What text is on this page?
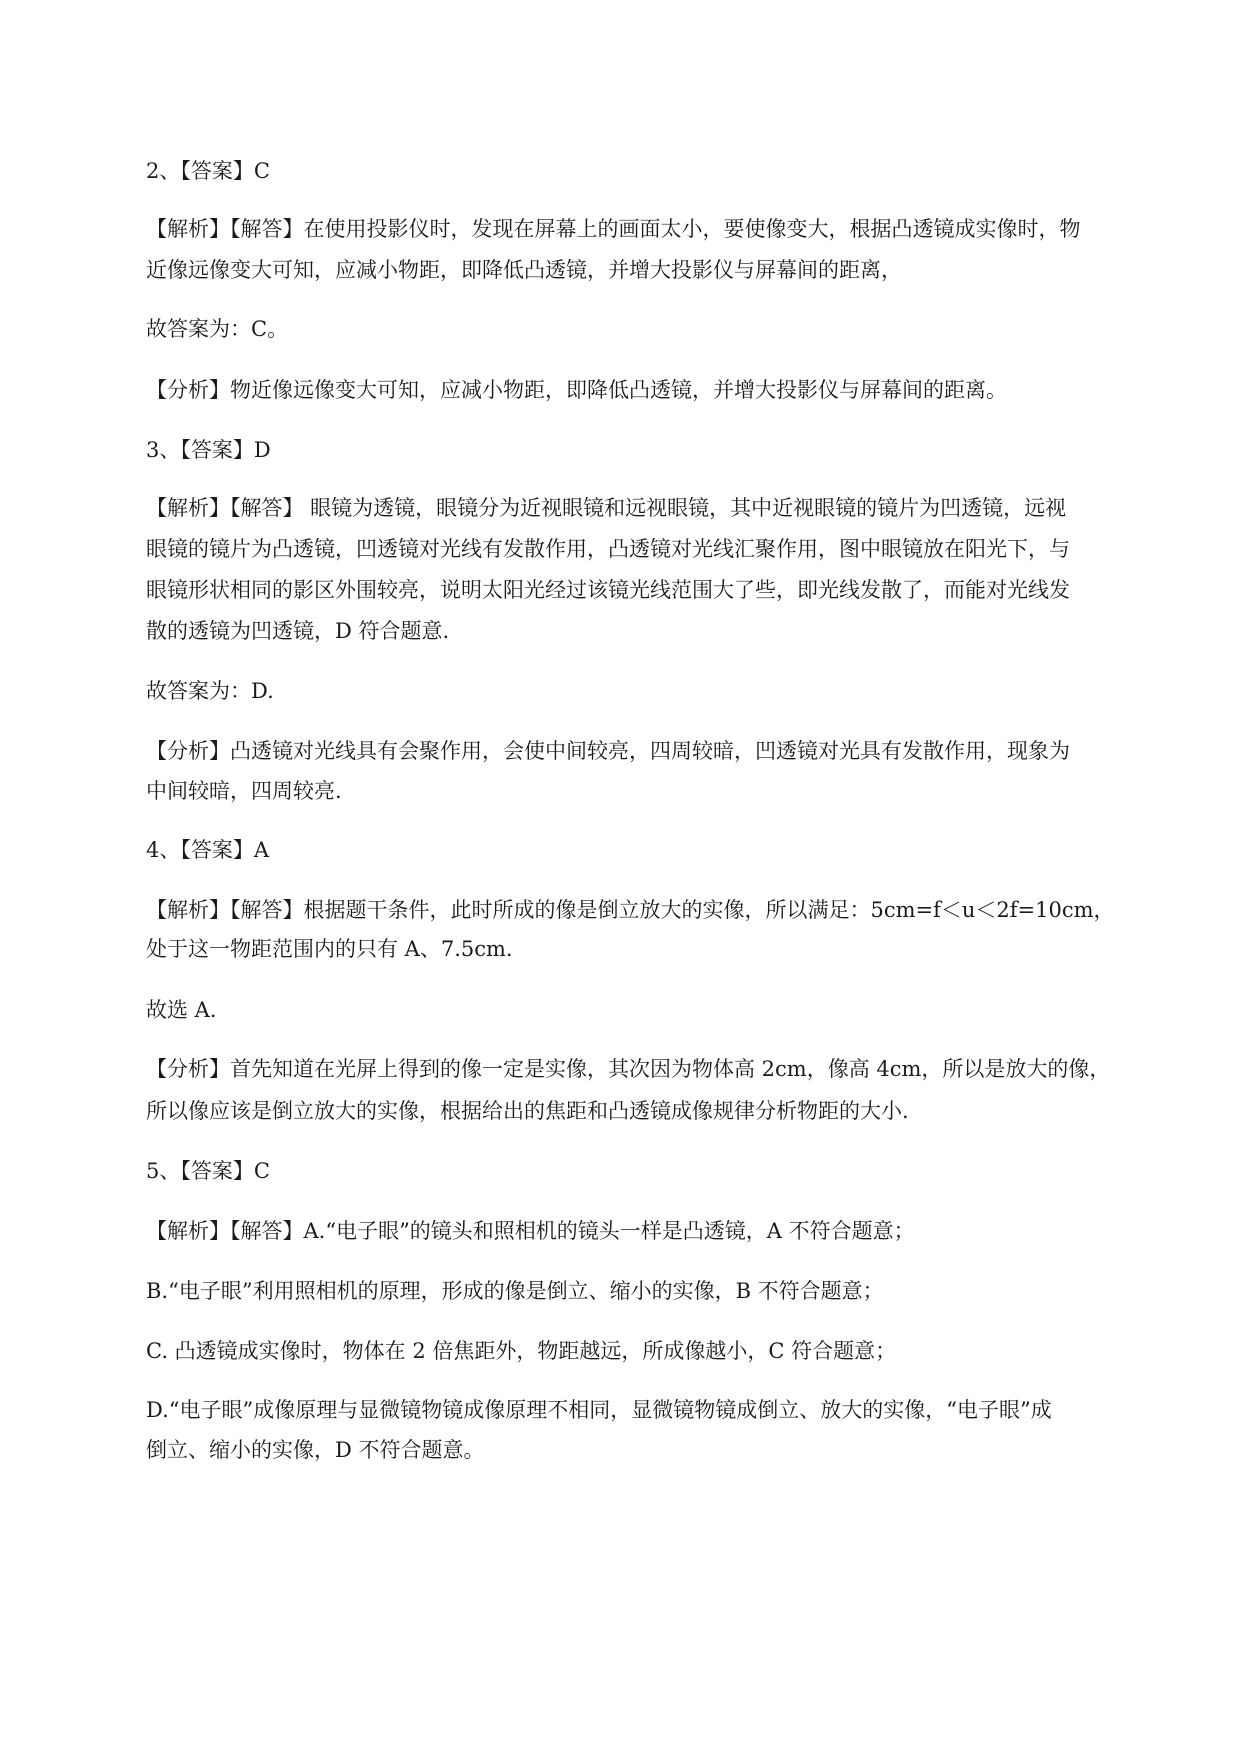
2、【答案】C
【解析】【解答】在使用投影仪时，发现在屏幕上的画面太小，要使像变大，根据凸透镜成实像时，物
近像远像变大可知，应减小物距，即降低凸透镜，并增大投影仪与屏幕间的距离，
故答案为：C。
【分析】物近像远像变大可知，应减小物距，即降低凸透镜，并增大投影仪与屏幕间的距离。
3、【答案】D
【解析】【解答】 眼镜为透镜，眼镜分为近视眼镜和远视眼镜，其中近视眼镜的镜片为凹透镜，远视
眼镜的镜片为凸透镜，凹透镜对光线有发散作用，凸透镜对光线汇聚作用，图中眼镜放在阳光下，与
眼镜形状相同的影区外围较亮，说明太阳光经过该镜光线范围大了些，即光线发散了，而能对光线发
散的透镜为凹透镜，D 符合题意.
故答案为：D.
【分析】凸透镜对光线具有会聚作用，会使中间较亮，四周较暗，凹透镜对光具有发散作用，现象为
中间较暗，四周较亮.
4、【答案】A
【解析】【解答】根据题干条件，此时所成的像是倒立放大的实像，所以满足：5cm=f＜u＜2f=10cm，
处于这一物距范围内的只有 A、7.5cm.
故选 A.
【分析】首先知道在光屏上得到的像一定是实像，其次因为物体高 2cm，像高 4cm，所以是放大的像，
所以像应该是倒立放大的实像，根据给出的焦距和凸透镜成像规律分析物距的大小.
5、【答案】C
【解析】【解答】A.“电子眼”的镜头和照相机的镜头一样是凸透镜，A 不符合题意；
B.“电子眼”利用照相机的原理，形成的像是倒立、缩小的实像，B 不符合题意；
C. 凸透镜成实像时，物体在 2 倍焦距外，物距越远，所成像越小，C 符合题意；
D.“电子眼”成像原理与显微镜物镜成像原理不相同，显微镜物镜成倒立、放大的实像，“电子眼”成
倒立、缩小的实像，D 不符合题意。
